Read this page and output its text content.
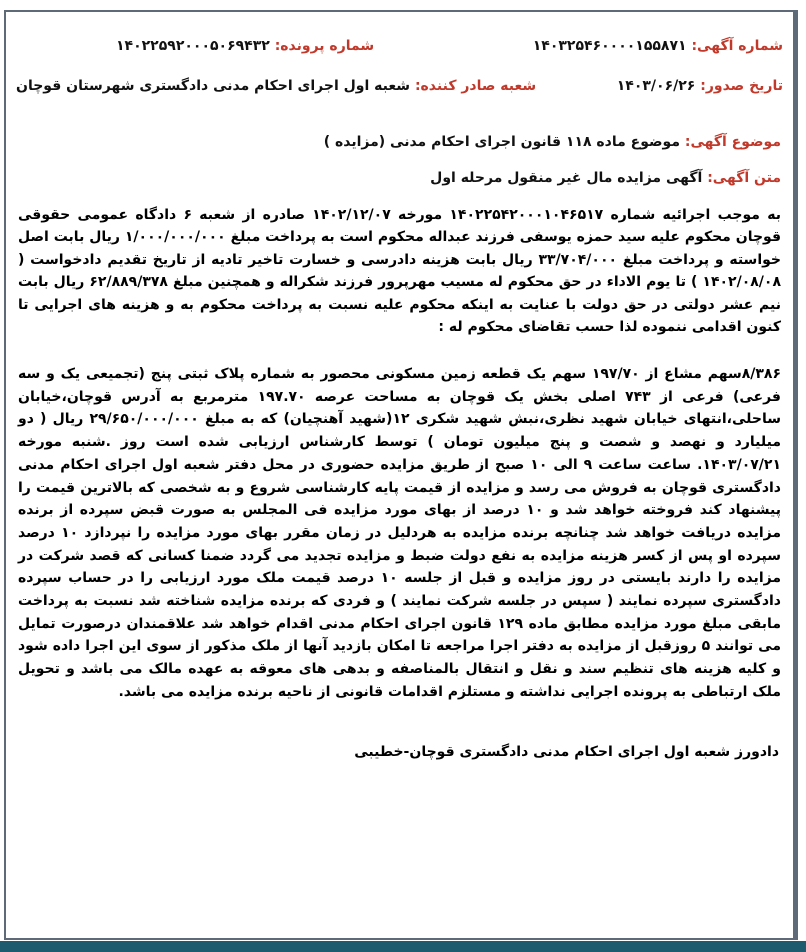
شماره آگهی: ۱۴۰۳۲۵۴۶۰۰۰۰۱۵۵۸۷۱
شماره پرونده: ۱۴۰۲۲۵۹۲۰۰۰۵۰۶۹۴۳۲
تاریخ صدور: ۱۴۰۳/۰۶/۲۶
شعبه صادر کننده: شعبه اول اجرای احکام مدنی دادگستری شهرستان قوچان
موضوع آگهی: موضوع ماده ۱۱۸ قانون اجرای احکام مدنی (مزایده )
متن آگهی: آگهی مزایده مال غیر منقول مرحله اول
به موجب اجرائیه شماره ۱۴۰۲۲۵۴۲۰۰۰۱۰۴۶۵۱۷ مورخه ۱۴۰۲/۱۲/۰۷ صادره از شعبه ۶ دادگاه عمومی حقوقی قوچان محکوم علیه سید حمزه یوسفی فرزند عبداله محکوم است به پرداخت مبلغ ۱/۰۰۰/۰۰۰/۰۰۰ ریال بابت اصل خواسته و پرداخت مبلغ ۳۳/۷۰۴/۰۰۰ ریال بابت هزینه دادرسی و خسارت تاخیر تادیه از تاریخ تقدیم دادخواست ( ۱۴۰۲/۰۸/۰۸ ) تا یوم الاداء در حق محکوم له مسیب مهرپرور فرزند شکراله و همچنین مبلغ ۶۲/۸۸۹/۳۷۸ ریال بابت نیم عشر دولتی در حق دولت با عنایت به اینکه محکوم علیه نسبت به پرداخت محکوم به و هزینه های اجرایی تا کنون اقدامی ننموده لذا حسب تقاضای محکوم له :
۸/۳۸۶سهم مشاع از ۱۹۷/۷۰ سهم یک قطعه زمین مسکونی محصور به شماره پلاک ثبتی پنج (تجمیعی یک و سه فرعی) فرعی از ۷۴۳ اصلی بخش یک قوچان به مساحت عرصه ۱۹۷.۷۰ مترمربع به آدرس قوچان،خیابان ساحلی،انتهای خیابان شهید نظری،نبش شهید شکری ۱۲(شهید آهنچیان) که به مبلغ ۲۹/۶۵۰/۰۰۰/۰۰۰ ریال ( دو میلیارد و نهصد و شصت و پنج میلیون تومان ) توسط کارشناس ارزیابی شده است روز .شنبه مورخه ۱۴۰۳/۰۷/۲۱. ساعت ساعت ۹ الی ۱۰ صبح از طریق مزایده حضوری در محل دفتر شعبه اول اجرای احکام مدنی دادگستری قوچان به فروش می رسد و مزایده از قیمت پایه کارشناسی شروع و به شخصی که بالاترین قیمت را پیشنهاد کند فروخته خواهد شد و ۱۰ درصد از بهای مورد مزایده فی المجلس به صورت قبض سپرده از برنده مزایده دریافت خواهد شد چنانچه برنده مزایده به هردلیل در زمان مقرر بهای مورد مزایده را نپردازد ۱۰ درصد سپرده او پس از کسر هزینه مزایده به نفع دولت ضبط و مزایده تجدید می گردد ضمنا کسانی که قصد شرکت در مزایده را دارند بایستی در روز مزایده و قبل از جلسه ۱۰ درصد قیمت ملک مورد ارزیابی را در حساب سپرده دادگستری سپرده نمایند ( سپس در جلسه شرکت نمایند ) و فردی که برنده مزایده شناخته شد نسبت به پرداخت مابقی مبلغ مورد مزایده مطابق ماده ۱۲۹ قانون اجرای احکام مدنی اقدام خواهد شد علاقمندان درصورت تمایل می توانند ۵ روزقبل از مزایده به دفتر اجرا مراجعه تا امکان بازدید آنها از ملک مذکور از سوی این اجرا داده شود و کلیه هزینه های تنظیم سند و نقل و انتقال بالمناصفه و بدهی های معوقه به عهده مالک می باشد و تحویل ملک ارتباطی به پرونده اجرایی نداشته و مستلزم اقدامات قانونی از ناحیه برنده مزایده می باشد.
دادورز شعبه اول اجرای احکام مدنی دادگستری قوچان-خطیبی
